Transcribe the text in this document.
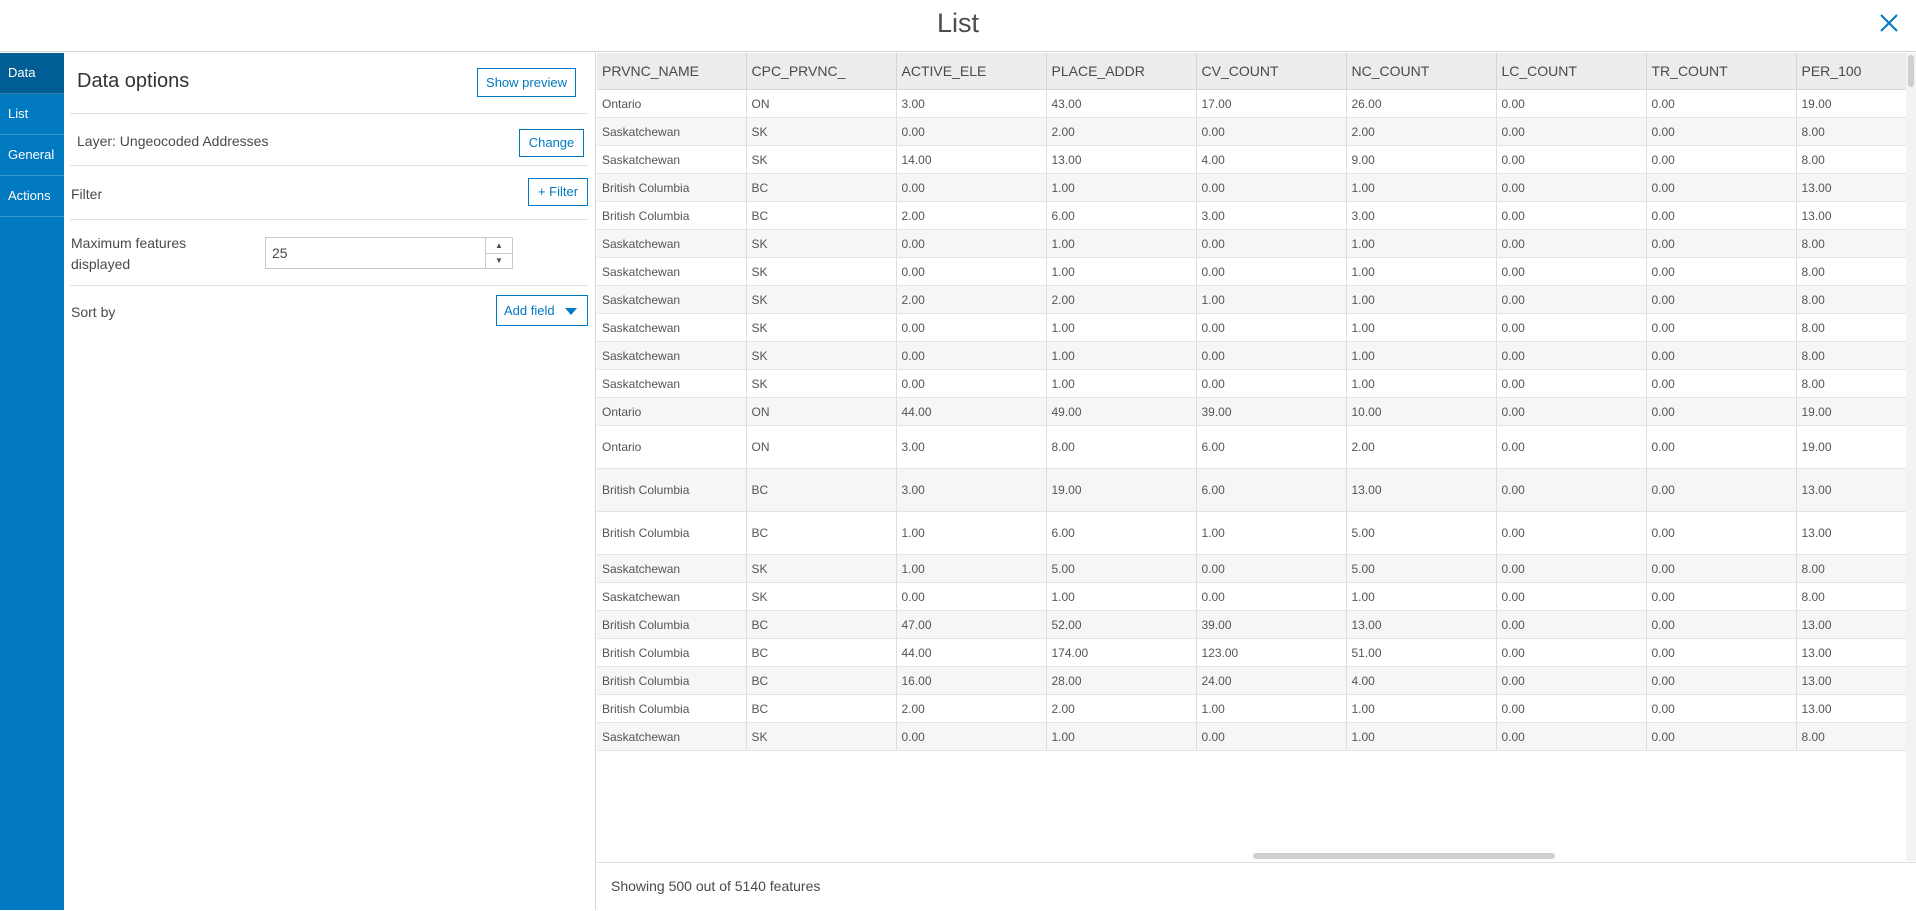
List
Data
List
General
Actions
Data options	Show preview
Layer: Ungeocoded Addresses	Change
Filter	+ Filter
Maximum features
displayed
25	▲
▼
Sort by	Add field
PRVNC_NAME	CPC_PRVNC_	ACTIVE_ELE	PLACE_ADDR	CV_COUNT	NC_COUNT	LC_COUNT	TR_COUNT	PER_100
Ontario	ON	3.00	43.00	17.00	26.00	0.00	0.00	19.00
Saskatchewan	SK	0.00	2.00	0.00	2.00	0.00	0.00	8.00
Saskatchewan	SK	14.00	13.00	4.00	9.00	0.00	0.00	8.00
British Columbia	BC	0.00	1.00	0.00	1.00	0.00	0.00	13.00
British Columbia	BC	2.00	6.00	3.00	3.00	0.00	0.00	13.00
Saskatchewan	SK	0.00	1.00	0.00	1.00	0.00	0.00	8.00
Saskatchewan	SK	0.00	1.00	0.00	1.00	0.00	0.00	8.00
Saskatchewan	SK	2.00	2.00	1.00	1.00	0.00	0.00	8.00
Saskatchewan	SK	0.00	1.00	0.00	1.00	0.00	0.00	8.00
Saskatchewan	SK	0.00	1.00	0.00	1.00	0.00	0.00	8.00
Saskatchewan	SK	0.00	1.00	0.00	1.00	0.00	0.00	8.00
Ontario	ON	44.00	49.00	39.00	10.00	0.00	0.00	19.00
Ontario	ON	3.00	8.00	6.00	2.00	0.00	0.00	19.00
British Columbia	BC	3.00	19.00	6.00	13.00	0.00	0.00	13.00
British Columbia	BC	1.00	6.00	1.00	5.00	0.00	0.00	13.00
Saskatchewan	SK	1.00	5.00	0.00	5.00	0.00	0.00	8.00
Saskatchewan	SK	0.00	1.00	0.00	1.00	0.00	0.00	8.00
British Columbia	BC	47.00	52.00	39.00	13.00	0.00	0.00	13.00
British Columbia	BC	44.00	174.00	123.00	51.00	0.00	0.00	13.00
British Columbia	BC	16.00	28.00	24.00	4.00	0.00	0.00	13.00
British Columbia	BC	2.00	2.00	1.00	1.00	0.00	0.00	13.00
Saskatchewan	SK	0.00	1.00	0.00	1.00	0.00	0.00	8.00
Showing 500 out of 5140 features
